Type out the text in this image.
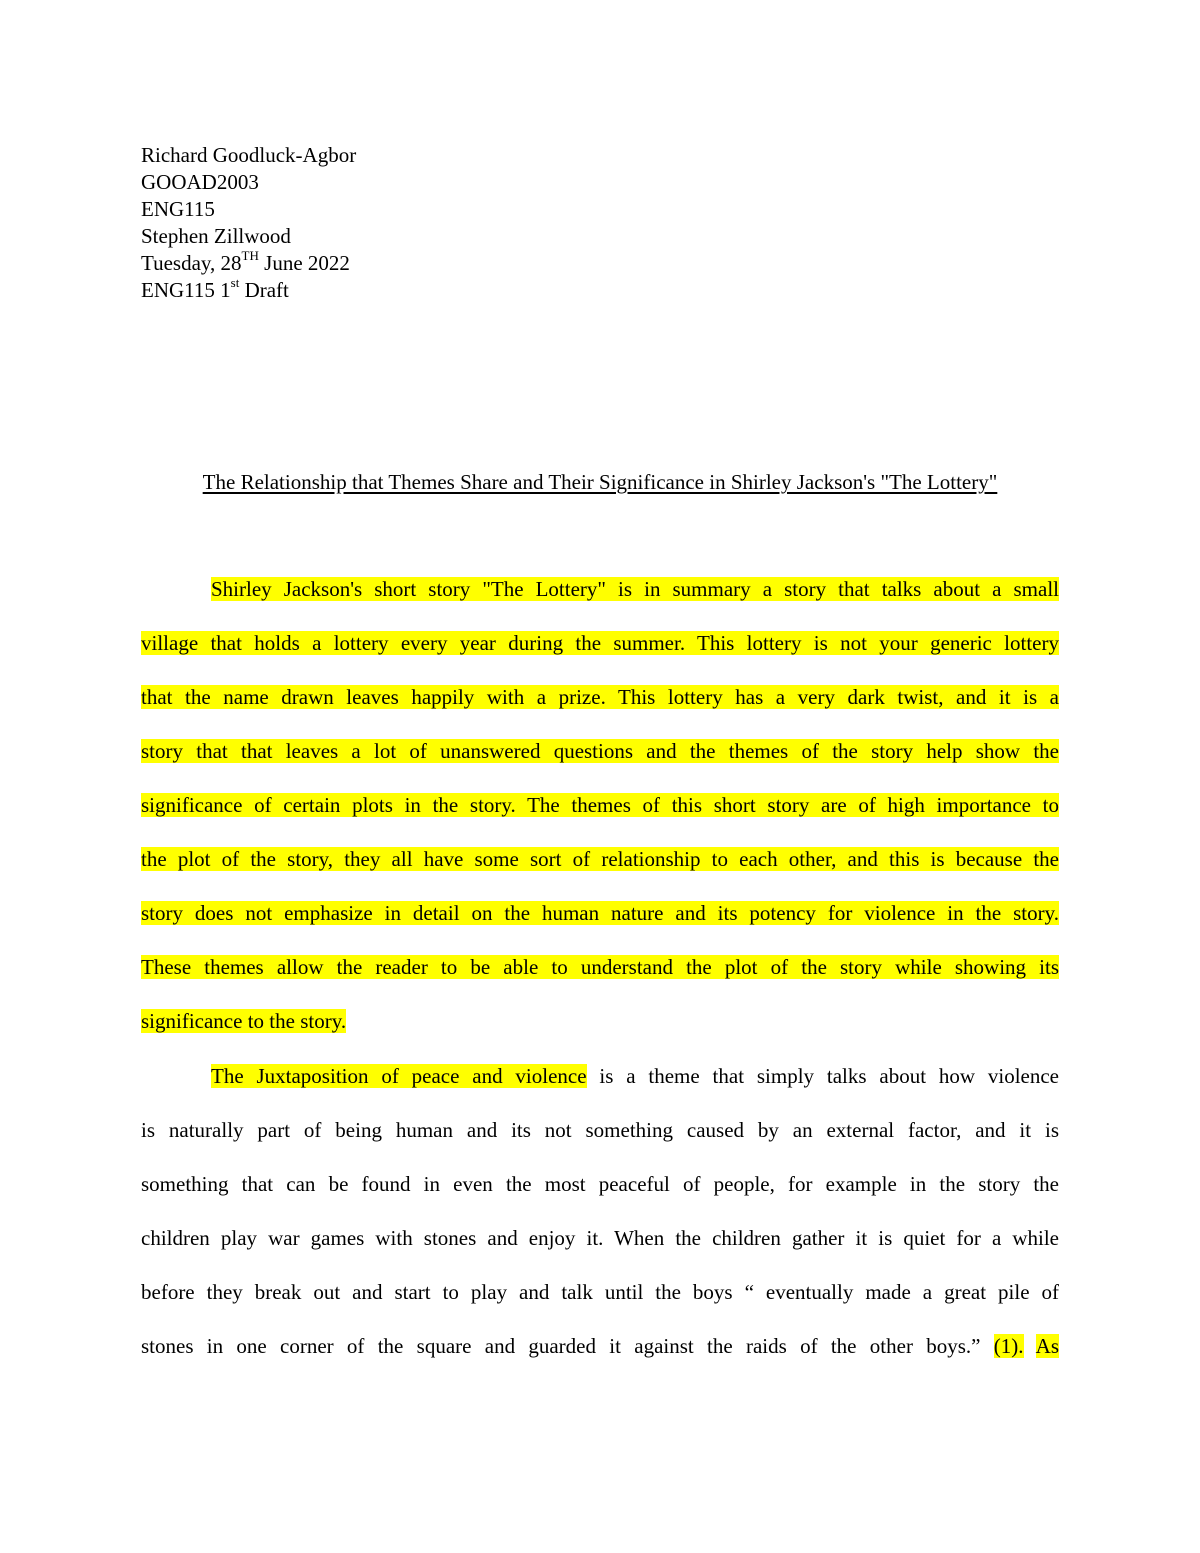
Richard Goodluck-Agbor
GOOAD2003
ENG115
Stephen Zillwood
Tuesday, 28TH June 2022
ENG115 1st Draft
The Relationship that Themes Share and Their Significance in Shirley Jackson's "The Lottery"
Shirley Jackson's short story "The Lottery" is in summary a story that talks about a small
village that holds a lottery every year during the summer. This lottery is not your generic lottery
that the name drawn leaves happily with a prize. This lottery has a very dark twist, and it is a
story that that leaves a lot of unanswered questions and the themes of the story help show the
significance of certain plots in the story. The themes of this short story are of high importance to
the plot of the story, they all have some sort of relationship to each other, and this is because the
story does not emphasize in detail on the human nature and its potency for violence in the story.
These themes allow the reader to be able to understand the plot of the story while showing its
significance to the story.
The Juxtaposition of peace and violence is a theme that simply talks about how violence
is naturally part of being human and its not something caused by an external factor, and it is
something that can be found in even the most peaceful of people, for example in the story the
children play war games with stones and enjoy it. When the children gather it is quiet for a while
before they break out and start to play and talk until the boys “ eventually made a great pile of
stones in one corner of the square and guarded it against the raids of the other boys.” (1). As
